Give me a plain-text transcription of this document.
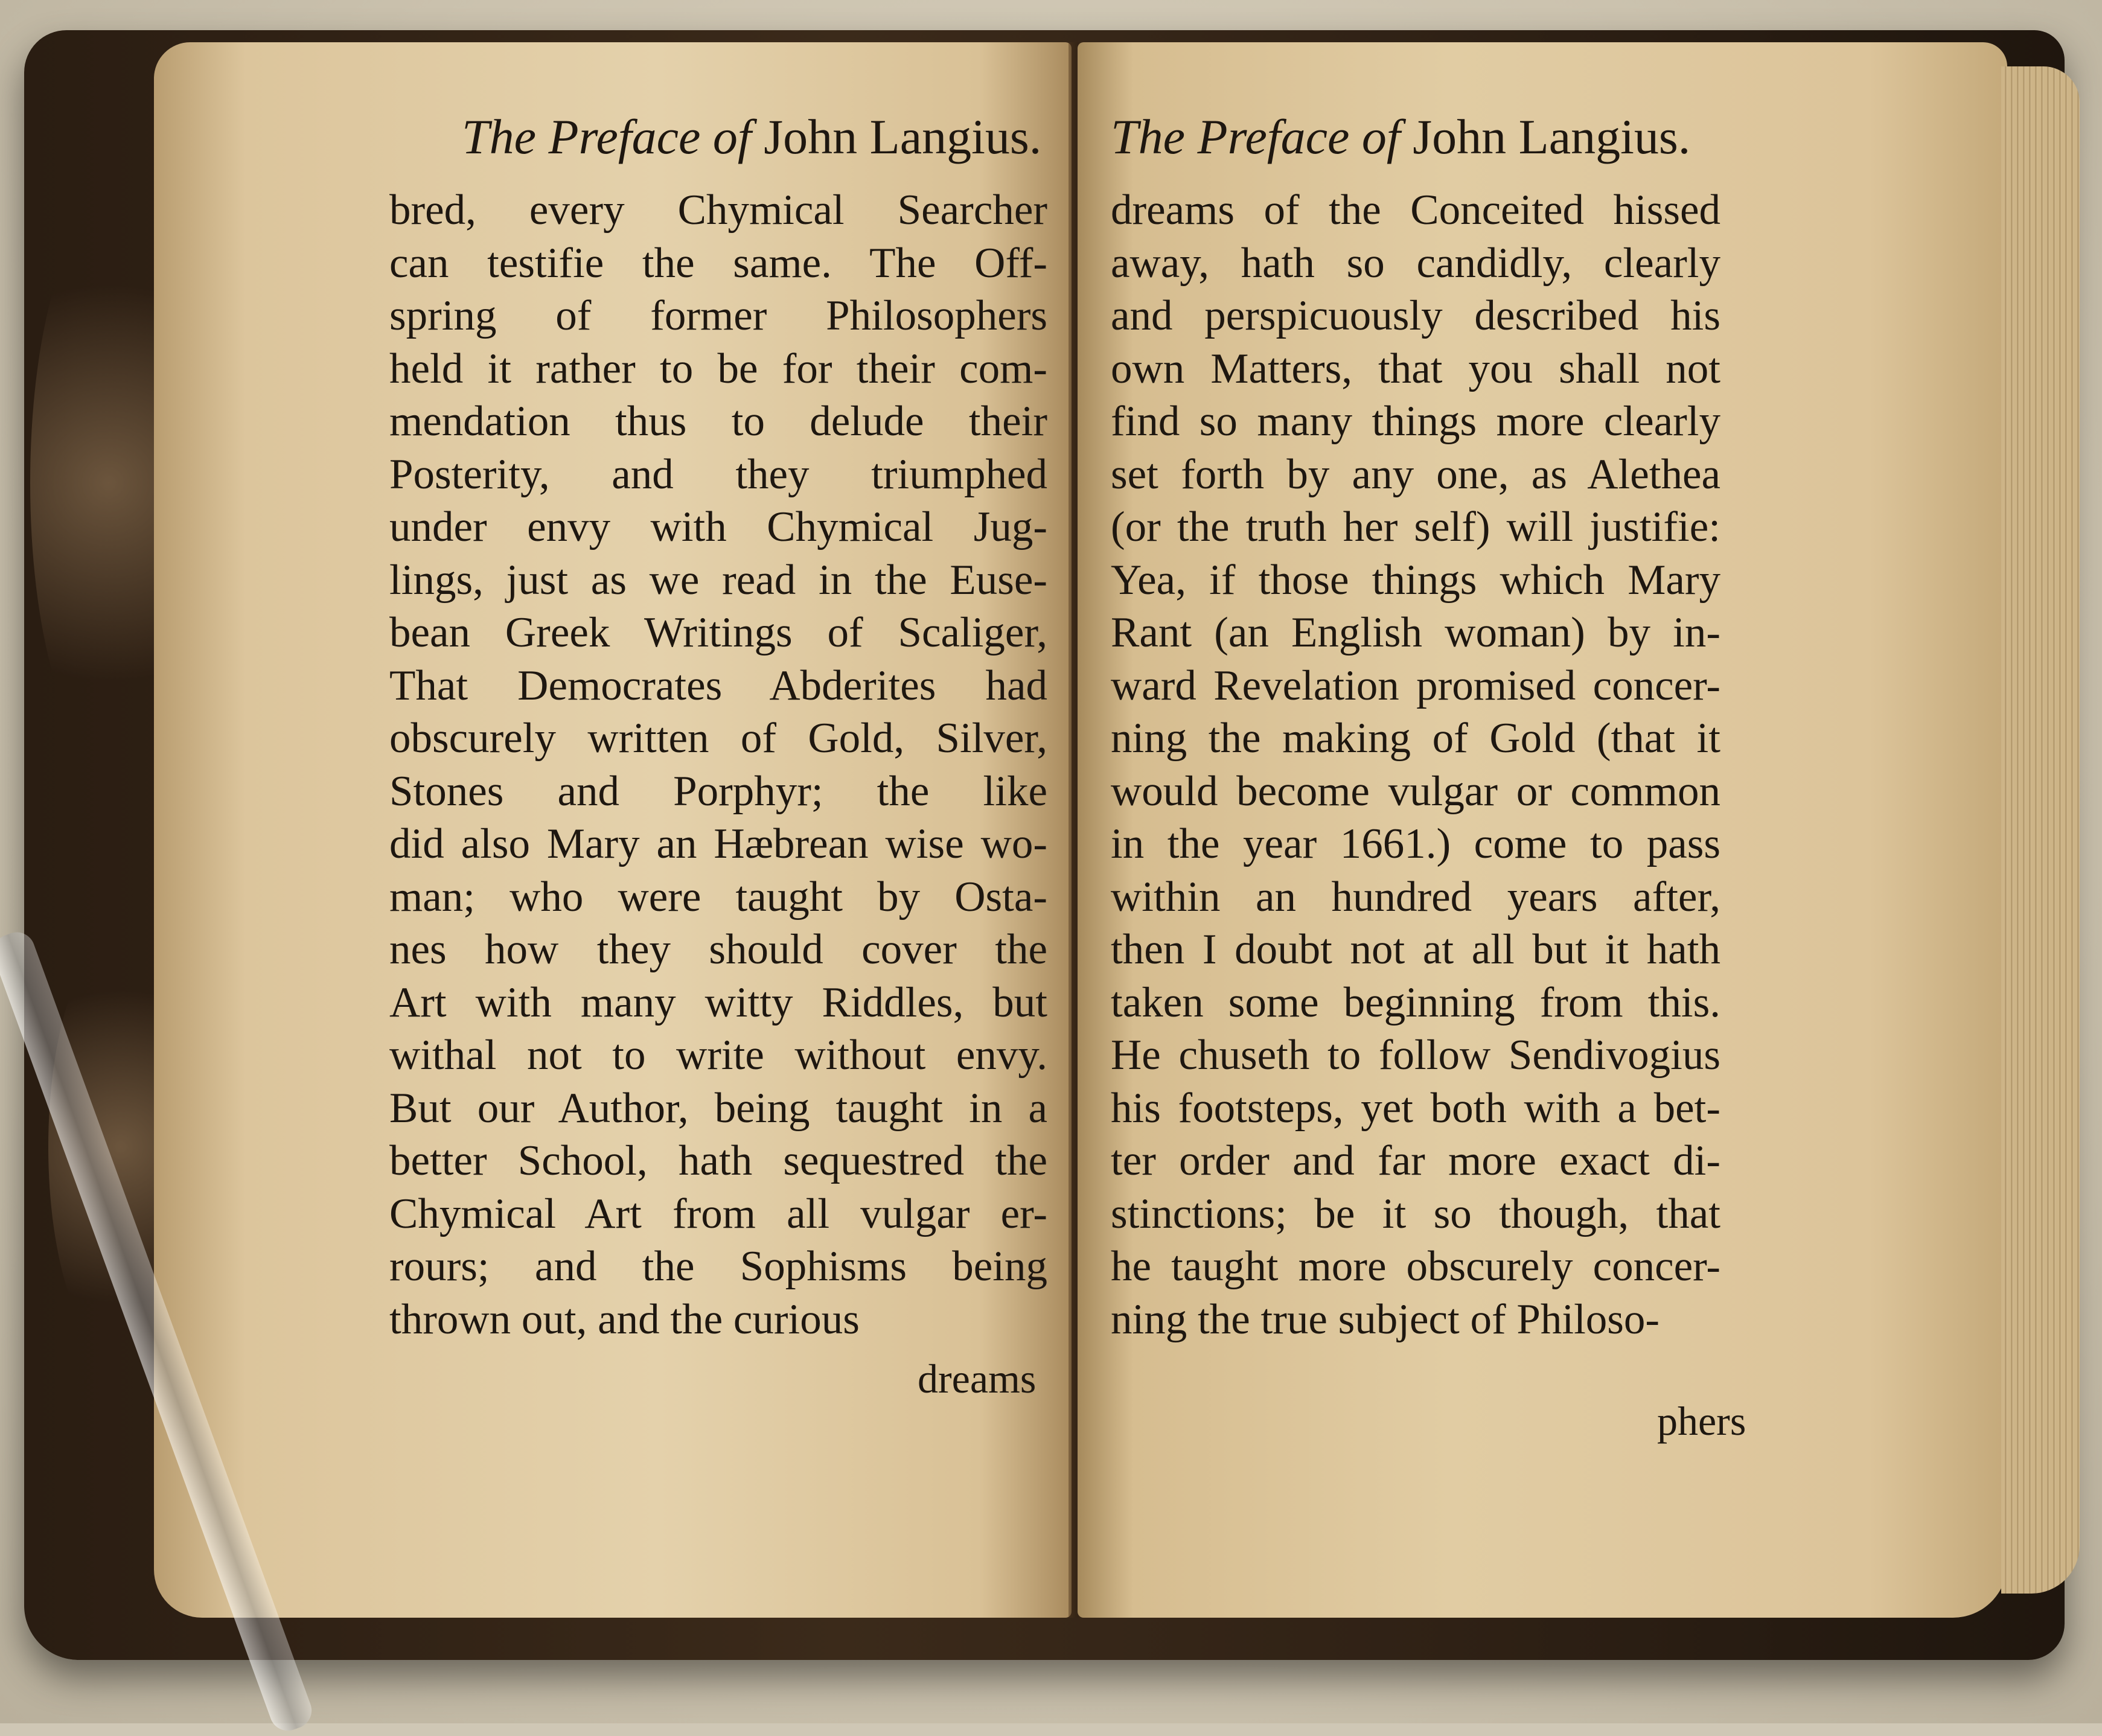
The Preface of John Langius.
bred, every Chymical Searcher
can testifie the same. The Off-
spring of former Philosophers
held it rather to be for their com-
mendation thus to delude their
Posterity, and they triumphed
under envy with Chymical Jug-
lings, just as we read in the Euse-
bean Greek Writings of Scaliger,
That Democrates Abderites had
obscurely written of Gold, Silver,
Stones and Porphyr; the like
did also Mary an Hæbrean wise wo-
man; who were taught by Osta-
nes how they should cover the
Art with many witty Riddles, but
withal not to write without envy.
But our Author, being taught in a
better School, hath sequestred the
Chymical Art from all vulgar er-
rours; and the Sophisms being
thrown out, and the curious
dreams
The Preface of John Langius.
dreams of the Conceited hissed
away, hath so candidly, clearly
and perspicuously described his
own Matters, that you shall not
find so many things more clearly
set forth by any one, as Alethea
(or the truth her self) will justifie:
Yea, if those things which Mary
Rant (an English woman) by in-
ward Revelation promised concer-
ning the making of Gold (that it
would become vulgar or common
in the year 1661.) come to pass
within an hundred years after,
then I doubt not at all but it hath
taken some beginning from this.
He chuseth to follow Sendivogius
his footsteps, yet both with a bet-
ter order and far more exact di-
stinctions; be it so though, that
he taught more obscurely concer-
ning the true subject of Philoso-
phers
